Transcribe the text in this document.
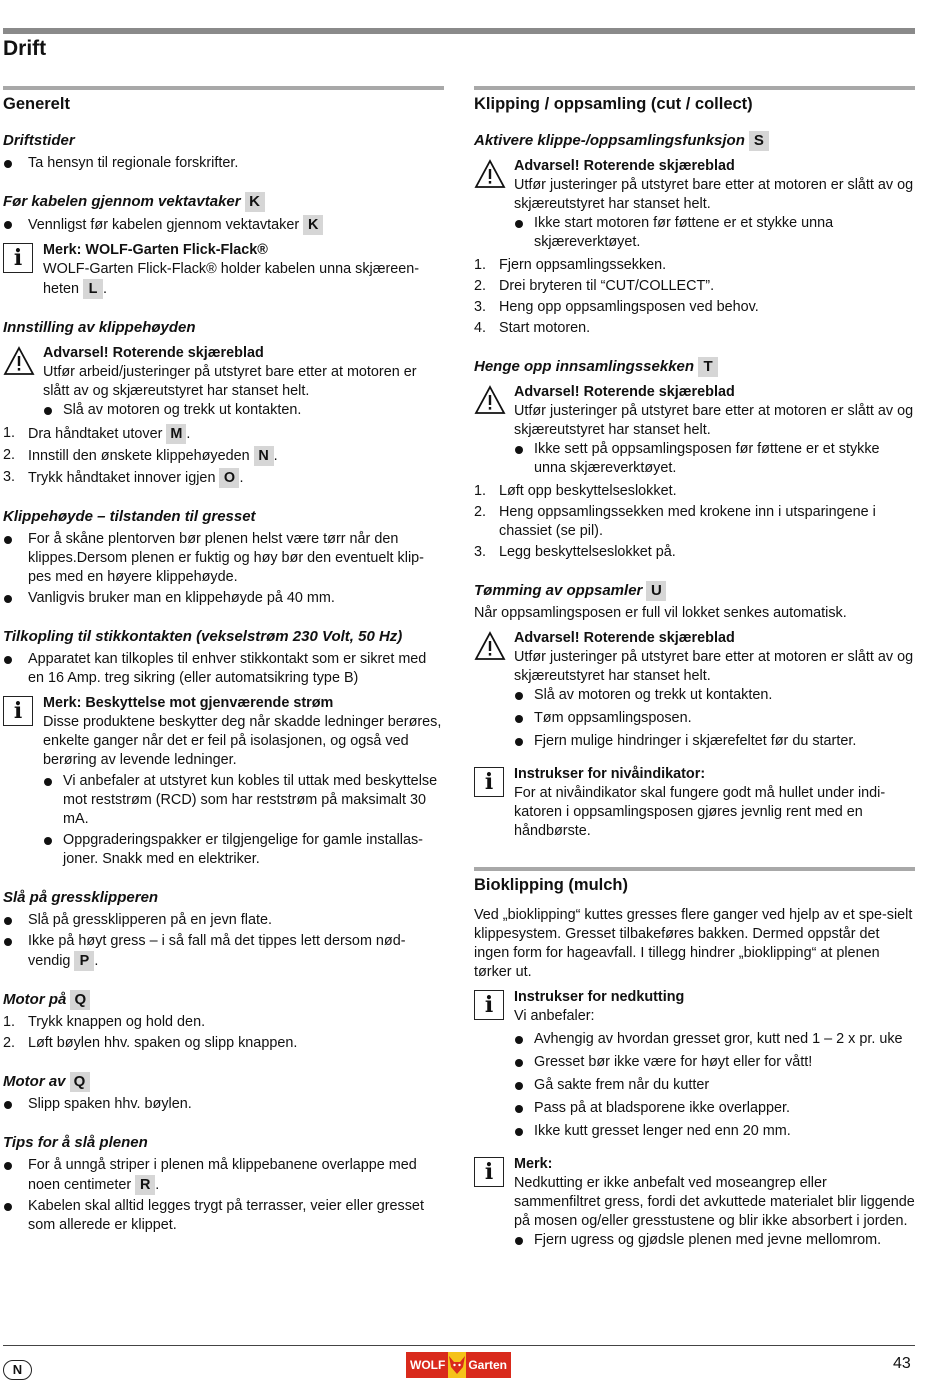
Drift
Generelt
Driftstider
Ta hensyn til regionale forskrifter.
Før kabelen gjennom vektavtaker K
Vennligst før kabelen gjennom vektavtaker K
i	Merk: WOLF-Garten Flick-Flack®
WOLF-Garten Flick-Flack® holder kabelen unna skjæreen-heten L .
Innstilling av klippehøyden
Advarsel! Roterende skjæreblad
Utfør arbeid/justeringer på utstyret bare etter at motoren er slått av og skjæreutstyret har stanset helt.
Slå av motoren og trekk ut kontakten.
1. Dra håndtaket utover M .
2. Innstill den ønskete klippehøyeden N .
3. Trykk håndtaket innover igjen O .
Klippehøyde – tilstanden til gresset
For å skåne plentorven bør plenen helst være tørr når den klippes.Dersom plenen er fuktig og høy bør den eventuelt klip-pes med en høyere klippehøyde.
Vanligvis bruker man en klippehøyde på 40 mm.
Tilkopling til stikkontakten (vekselstrøm 230 Volt, 50 Hz)
Apparatet kan tilkoples til enhver stikkontakt som er sikret med en 16 Amp. treg sikring (eller automatsikring type B)
i	Merk: Beskyttelse mot gjenværende strøm
Disse produktene beskytter deg når skadde ledninger berøres, enkelte ganger når det er feil på isolasjonen, og også ved berøring av levende ledninger.
Vi anbefaler at utstyret kun kobles til uttak med beskyttelse mot reststrøm (RCD) som har reststrøm på maksimalt 30 mA.
Oppgraderingspakker er tilgjengelige for gamle installas-joner. Snakk med en elektriker.
Slå på gressklipperen
Slå på gressklipperen på en jevn flate.
Ikke på høyt gress – i så fall må det tippes lett dersom nød-vendig P .
Motor på Q
1. Trykk knappen og hold den.
2. Løft bøylen hhv. spaken og slipp knappen.
Motor av Q
Slipp spaken hhv. bøylen.
Tips for å slå plenen
For å unngå striper i plenen må klippebanene overlappe med noen centimeter R .
Kabelen skal alltid legges trygt på terrasser, veier eller gresset som allerede er klippet.
Klipping / oppsamling (cut / collect)
Aktivere klippe-/oppsamlingsfunksjon S
Advarsel! Roterende skjæreblad
Utfør justeringer på utstyret bare etter at motoren er slått av og skjæreutstyret har stanset helt.
Ikke start motoren før føttene er et stykke unna skjæreverktøyet.
1. Fjern oppsamlingssekken.
2. Drei bryteren til “CUT/COLLECT”.
3. Heng opp oppsamlingsposen ved behov.
4. Start motoren.
Henge opp innsamlingssekken T
Advarsel! Roterende skjæreblad
Utfør justeringer på utstyret bare etter at motoren er slått av og skjæreutstyret har stanset helt.
Ikke sett på oppsamlingsposen før føttene er et stykke unna skjæreverktøyet.
1. Løft opp beskyttelseslokket.
2. Heng oppsamlingssekken med krokene inn i utsparingene i chassiet (se pil).
3. Legg beskyttelseslokket på.
Tømming av oppsamler U
Når oppsamlingsposen er full vil lokket senkes automatisk.
Advarsel! Roterende skjæreblad
Utfør justeringer på utstyret bare etter at motoren er slått av og skjæreutstyret har stanset helt.
Slå av motoren og trekk ut kontakten.
Tøm oppsamlingsposen.
Fjern mulige hindringer i skjærefeltet før du starter.
i	Instrukser for nivåindikator:
For at nivåindikator skal fungere godt må hullet under indi-katoren i oppsamlingsposen gjøres jevnlig rent med en håndbørste.
Bioklipping (mulch)
Ved „bioklipping“ kuttes gresses flere ganger ved hjelp av et spe-sielt klippesystem. Gresset tilbakeføres bakken. Dermed oppstår det ingen form for hageavfall. I tillegg hindrer „bioklipping“ at plenen tørker ut.
i	Instrukser for nedkutting
Vi anbefaler:
Avhengig av hvordan gresset gror, kutt ned 1 – 2 x pr. uke
Gresset bør ikke være for høyt eller for vått!
Gå sakte frem når du kutter
Pass på at bladsporene ikke overlapper.
Ikke kutt gresset lenger ned enn 20 mm.
i	Merk:
Nedkutting er ikke anbefalt ved moseangrep eller sammenfiltret gress, fordi det avkuttede materialet blir liggende på mosen og/eller gresstustene og blir ikke absorbert i jorden.
Fjern ugress og gjødsle plenen med jevne mellomrom.
N	WOLF Garten	43
